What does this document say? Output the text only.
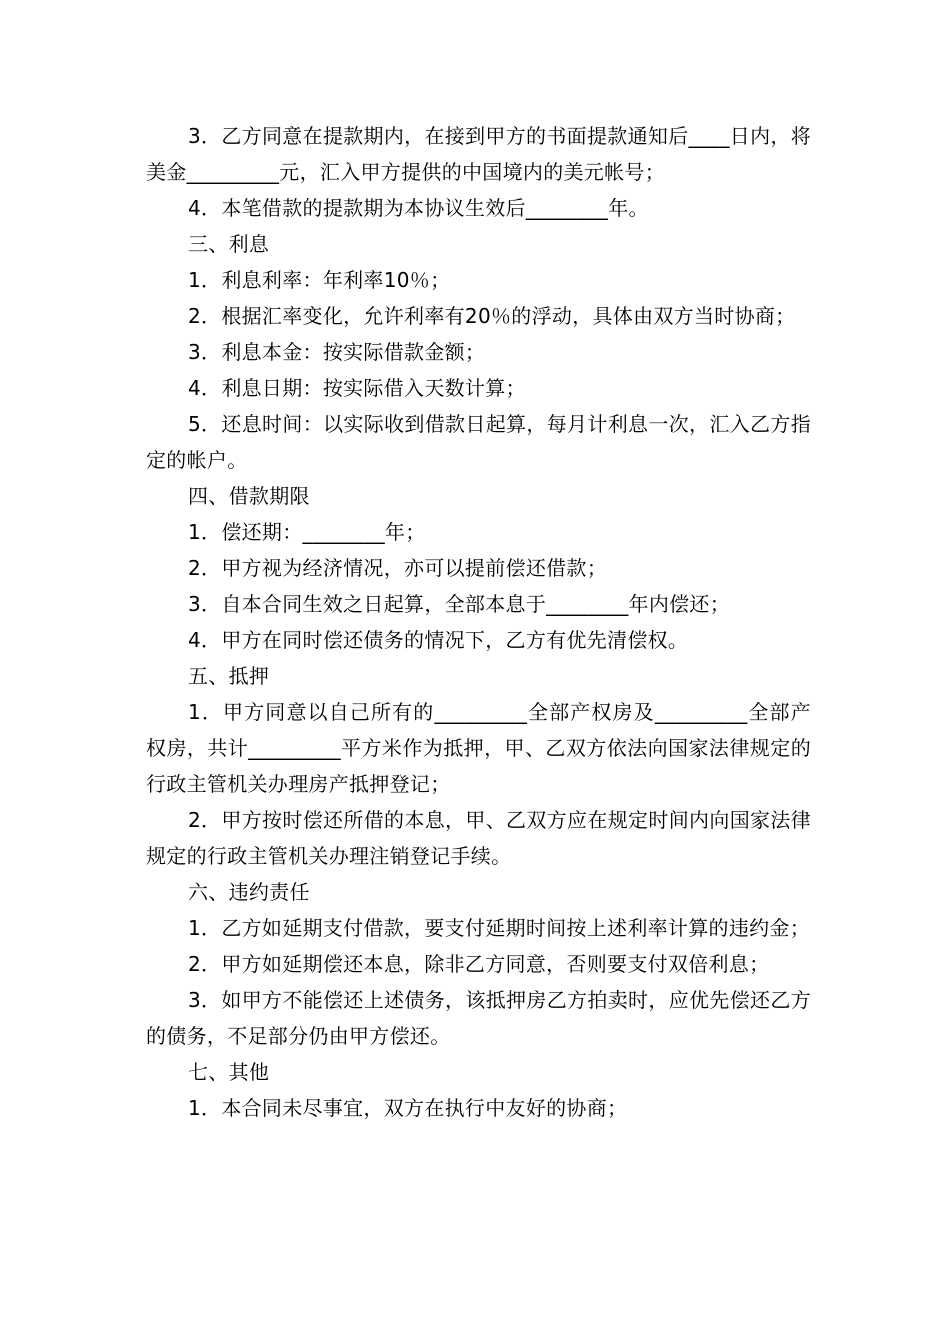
3．乙方同意在提款期内，在接到甲方的书面提款通知后____日内，将美金_________元，汇入甲方提供的中国境内的美元帐号；

4．本笔借款的提款期为本协议生效后________年。

三、利息

1．利息利率：年利率10％；

2．根据汇率变化，允许利率有20％的浮动，具体由双方当时协商；

3．利息本金：按实际借款金额；

4．利息日期：按实际借入天数计算；

5．还息时间：以实际收到借款日起算，每月计利息一次，汇入乙方指定的帐户。

四、借款期限

1．偿还期：________年；

2．甲方视为经济情况，亦可以提前偿还借款；

3．自本合同生效之日起算，全部本息于________年内偿还；

4．甲方在同时偿还债务的情况下，乙方有优先清偿权。

五、抵押

1．甲方同意以自己所有的_________全部产权房及_________全部产权房，共计_________平方米作为抵押，甲、乙双方依法向国家法律规定的行政主管机关办理房产抵押登记；

2．甲方按时偿还所借的本息，甲、乙双方应在规定时间内向国家法律规定的行政主管机关办理注销登记手续。

六、违约责任

1．乙方如延期支付借款，要支付延期时间按上述利率计算的违约金；

2．甲方如延期偿还本息，除非乙方同意，否则要支付双倍利息；

3．如甲方不能偿还上述债务，该抵押房乙方拍卖时，应优先偿还乙方的债务，不足部分仍由甲方偿还。

七、其他

1．本合同未尽事宜，双方在执行中友好的协商；
